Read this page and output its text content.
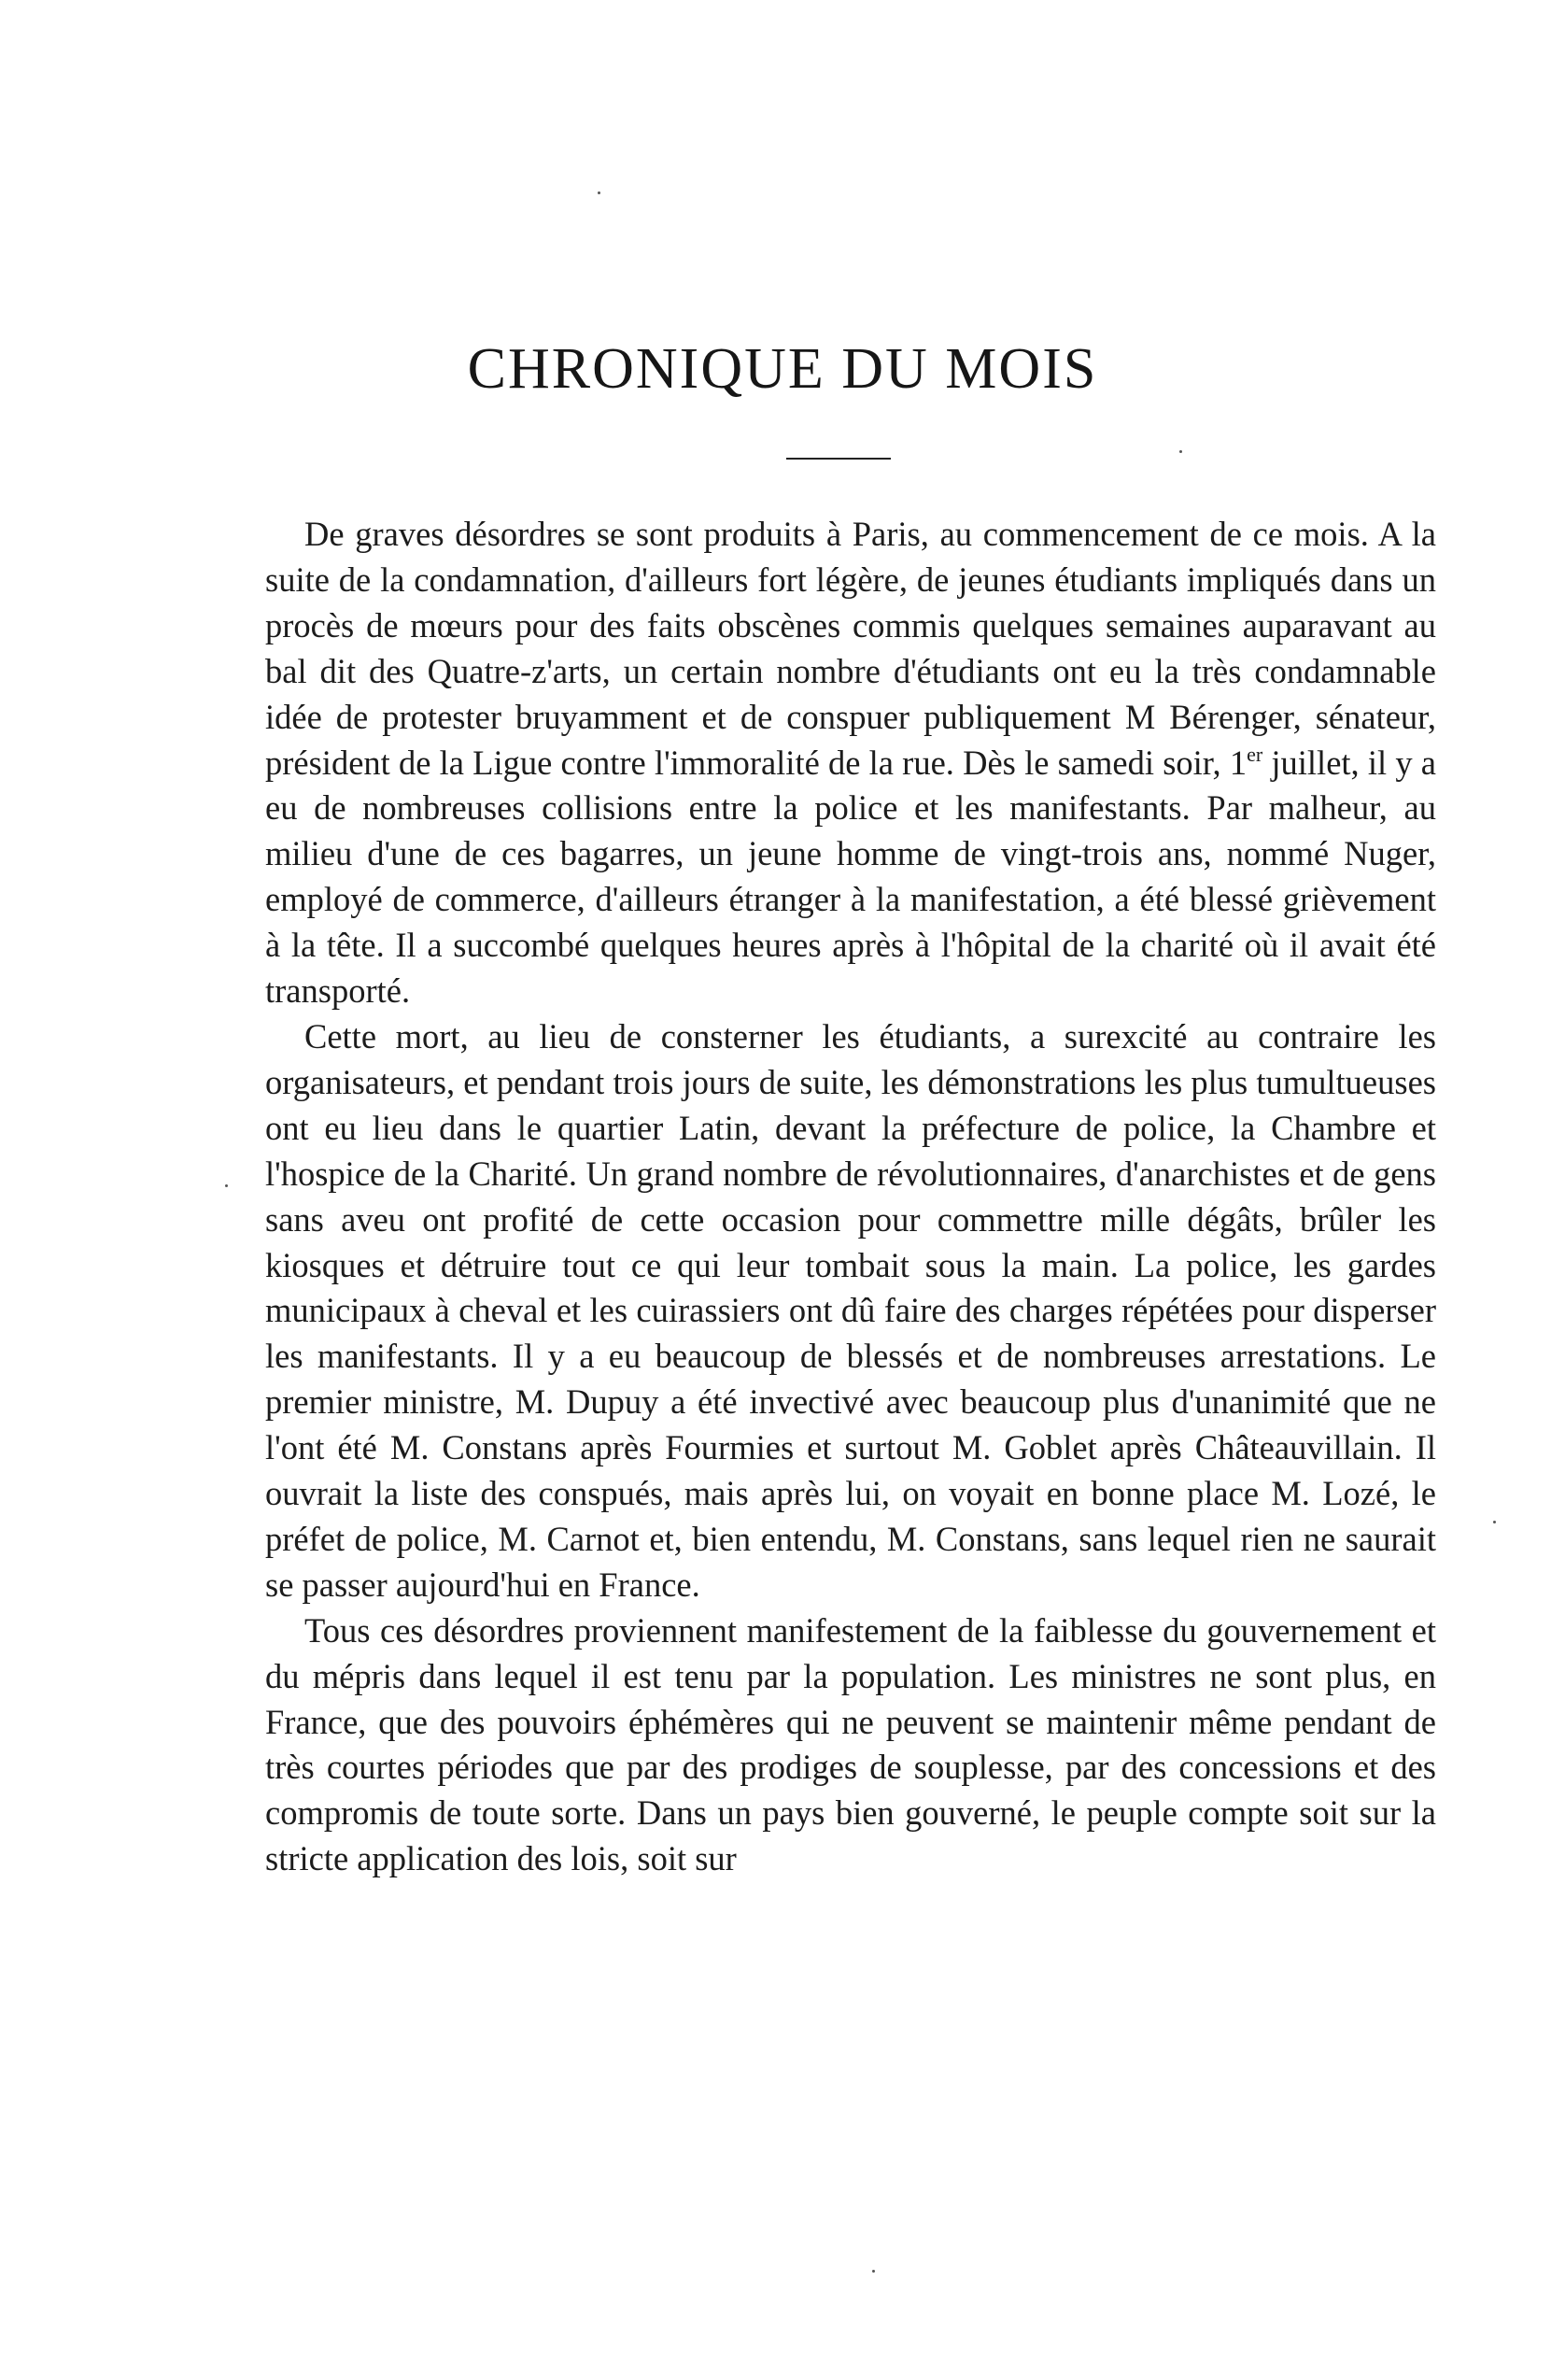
CHRONIQUE DU MOIS

De graves désordres se sont produits à Paris, au commencement de ce mois. A la suite de la condamnation, d'ailleurs fort légère, de jeunes étudiants impliqués dans un procès de mœurs pour des faits obscènes commis quelques semaines auparavant au bal dit des Quatre-z'arts, un certain nombre d'étudiants ont eu la très condamnable idée de protester bruyamment et de conspuer publiquement M Bérenger, sénateur, président de la Ligue contre l'immoralité de la rue. Dès le samedi soir, 1er juillet, il y a eu de nombreuses collisions entre la police et les manifestants. Par malheur, au milieu d'une de ces bagarres, un jeune homme de vingt-trois ans, nommé Nuger, employé de commerce, d'ailleurs étranger à la manifestation, a été blessé grièvement à la tête. Il a succombé quelques heures après à l'hôpital de la charité où il avait été transporté.

Cette mort, au lieu de consterner les étudiants, a surexcité au contraire les organisateurs, et pendant trois jours de suite, les démonstrations les plus tumultueuses ont eu lieu dans le quartier Latin, devant la préfecture de police, la Chambre et l'hospice de la Charité. Un grand nombre de révolutionnaires, d'anarchistes et de gens sans aveu ont profité de cette occasion pour commettre mille dégâts, brûler les kiosques et détruire tout ce qui leur tombait sous la main. La police, les gardes municipaux à cheval et les cuirassiers ont dû faire des charges répétées pour disperser les manifestants. Il y a eu beaucoup de blessés et de nombreuses arrestations. Le premier ministre, M. Dupuy a été invectivé avec beaucoup plus d'unanimité que ne l'ont été M. Constans après Fourmies et surtout M. Goblet après Châteauvillain. Il ouvrait la liste des conspués, mais après lui, on voyait en bonne place M. Lozé, le préfet de police, M. Carnot et, bien entendu, M. Constans, sans lequel rien ne saurait se passer aujourd'hui en France.

Tous ces désordres proviennent manifestement de la faiblesse du gouvernement et du mépris dans lequel il est tenu par la population. Les ministres ne sont plus, en France, que des pouvoirs éphémères qui ne peuvent se maintenir même pendant de très courtes périodes que par des prodiges de souplesse, par des concessions et des compromis de toute sorte. Dans un pays bien gouverné, le peuple compte soit sur la stricte application des lois, soit sur
